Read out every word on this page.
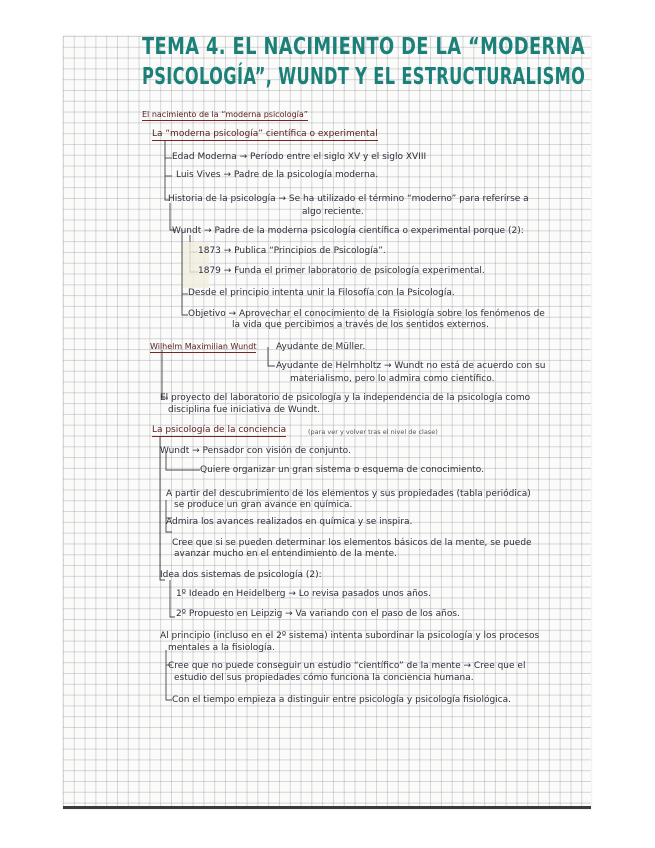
TEMA 4. EL NACIMIENTO DE LA “MODERNA
PSICOLOGÍA”, WUNDT Y EL ESTRUCTURALISMO
El nacimiento de la “moderna psicología”
La “moderna psicología” científica o experimental
Edad Moderna → Período entre el siglo XV y el siglo XVIII
Luis Vives → Padre de la psicología moderna.
Historia de la psicología → Se ha utilizado el término “moderno” para referirse a
algo reciente.
Wundt → Padre de la moderna psicología científica o experimental porque (2):
1873 → Publica “Principios de Psicología”.
1879 → Funda el primer laboratorio de psicología experimental.
Desde el principio intenta unir la Filosofía con la Psicología.
Objetivo → Aprovechar el conocimiento de la Fisiología sobre los fenómenos de
la vida que percibimos a través de los sentidos externos.
Wilhelm Maximilian Wundt Ayudante de Müller.
Ayudante de Helmholtz → Wundt no está de acuerdo con su
materialismo, pero lo admira como científico.
El proyecto del laboratorio de psicología y la independencia de la psicología como
disciplina fue iniciativa de Wundt.
La psicología de la conciencia	(para ver y volver tras el nivel de clase)
Wundt → Pensador con visión de conjunto.
Quiere organizar un gran sistema o esquema de conocimiento.
A partir del descubrimiento de los elementos y sus propiedades (tabla periódica)
se produce un gran avance en química.
Admira los avances realizados en química y se inspira.
Cree que si se pueden determinar los elementos básicos de la mente, se puede
avanzar mucho en el entendimiento de la mente.
Idea dos sistemas de psicología (2):
1º Ideado en Heidelberg → Lo revisa pasados unos años.
2º Propuesto en Leipzig → Va variando con el paso de los años.
Al principio (incluso en el 2º sistema) intenta subordinar la psicología y los procesos
mentales a la fisiología.
Cree que no puede conseguir un estudio “científico” de la mente → Cree que el
estudio del sus propiedades cómo funciona la conciencia humana.
Con el tiempo empieza a distinguir entre psicología y psicología fisiológica.
